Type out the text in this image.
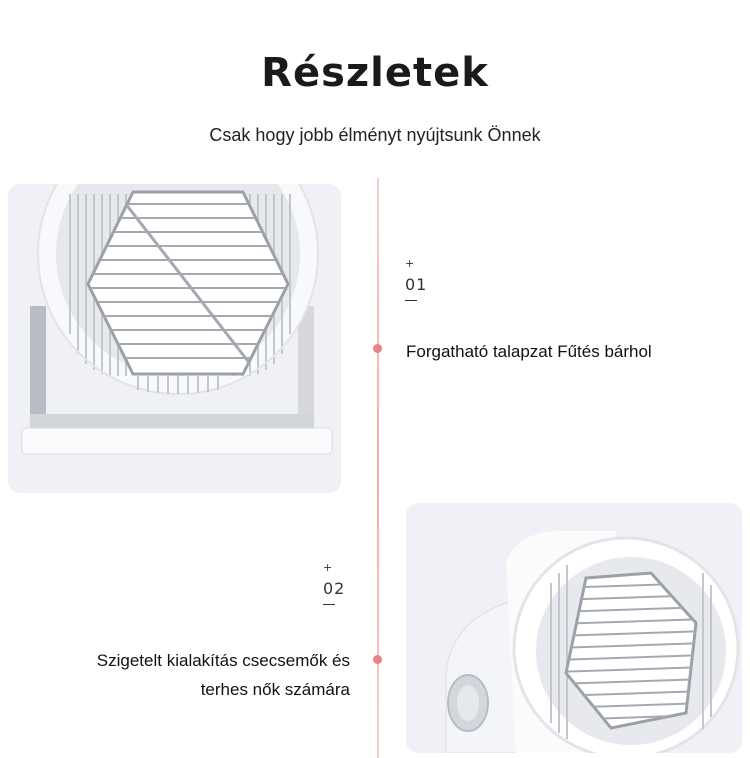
Részletek
Csak hogy jobb élményt nyújtsunk Önnek
+
01
Forgatható talapzat Fűtés bárhol
+
02
Szigetelt kialakítás csecsemők és
terhes nők számára
